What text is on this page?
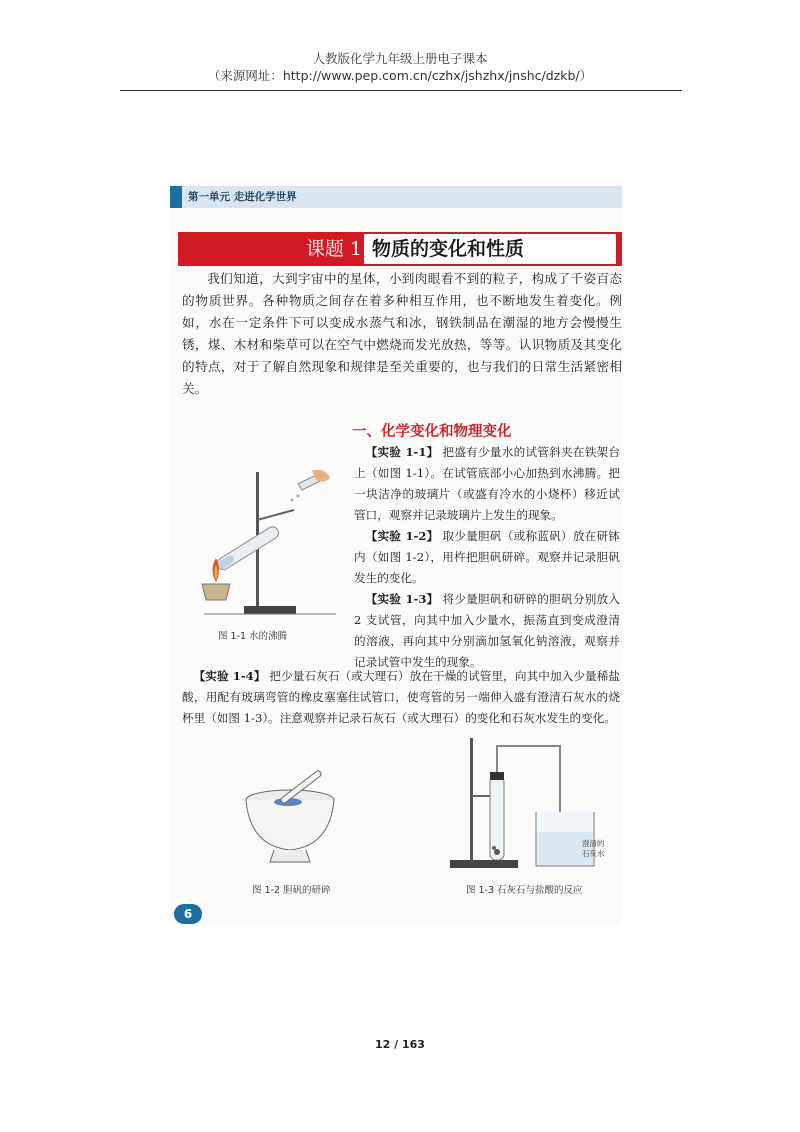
人教版化学九年级上册电子课本
（来源网址：http://www.pep.com.cn/czhx/jshzhx/jnshc/dzkb/）
第一单元 走进化学世界
课题 1 物质的变化和性质

我们知道，大到宇宙中的星体，小到肉眼看不到的粒子，构成了千姿百态的物质世界。各种物质之间存在着多种相互作用，也不断地发生着变化。例如，水在一定条件下可以变成水蒸气和冰，钢铁制品在潮湿的地方会慢慢生锈，煤、木材和柴草可以在空气中燃烧而发光放热，等等。认识物质及其变化的特点，对于了解自然现象和规律是至关重要的，也与我们的日常生活紧密相关。

一、化学变化和物理变化
图 1-1 水的沸腾
【实验 1-1】 把盛有少量水的试管斜夹在铁架台上（如图 1-1）。在试管底部小心加热到水沸腾。把一块洁净的玻璃片（或盛有冷水的小烧杯）移近试管口，观察并记录玻璃片上发生的现象。
【实验 1-2】 取少量胆矾（或称蓝矾）放在研钵内（如图 1-2），用杵把胆矾研碎。观察并记录胆矾发生的变化。
【实验 1-3】 将少量胆矾和研碎的胆矾分别放入 2 支试管，向其中加入少量水，振荡直到变成澄清的溶液，再向其中分别滴加氢氧化钠溶液，观察并记录试管中发生的现象。
【实验 1-4】 把少量石灰石（或大理石）放在干燥的试管里，向其中加入少量稀盐酸，用配有玻璃弯管的橡皮塞塞住试管口，使弯管的另一端伸入盛有澄清石灰水的烧杯里（如图 1-3）。注意观察并记录石灰石（或大理石）的变化和石灰水发生的变化。
图 1-2 胆矾的研碎
澄清的
石灰水
图 1-3 石灰石与盐酸的反应
6
12 / 163
